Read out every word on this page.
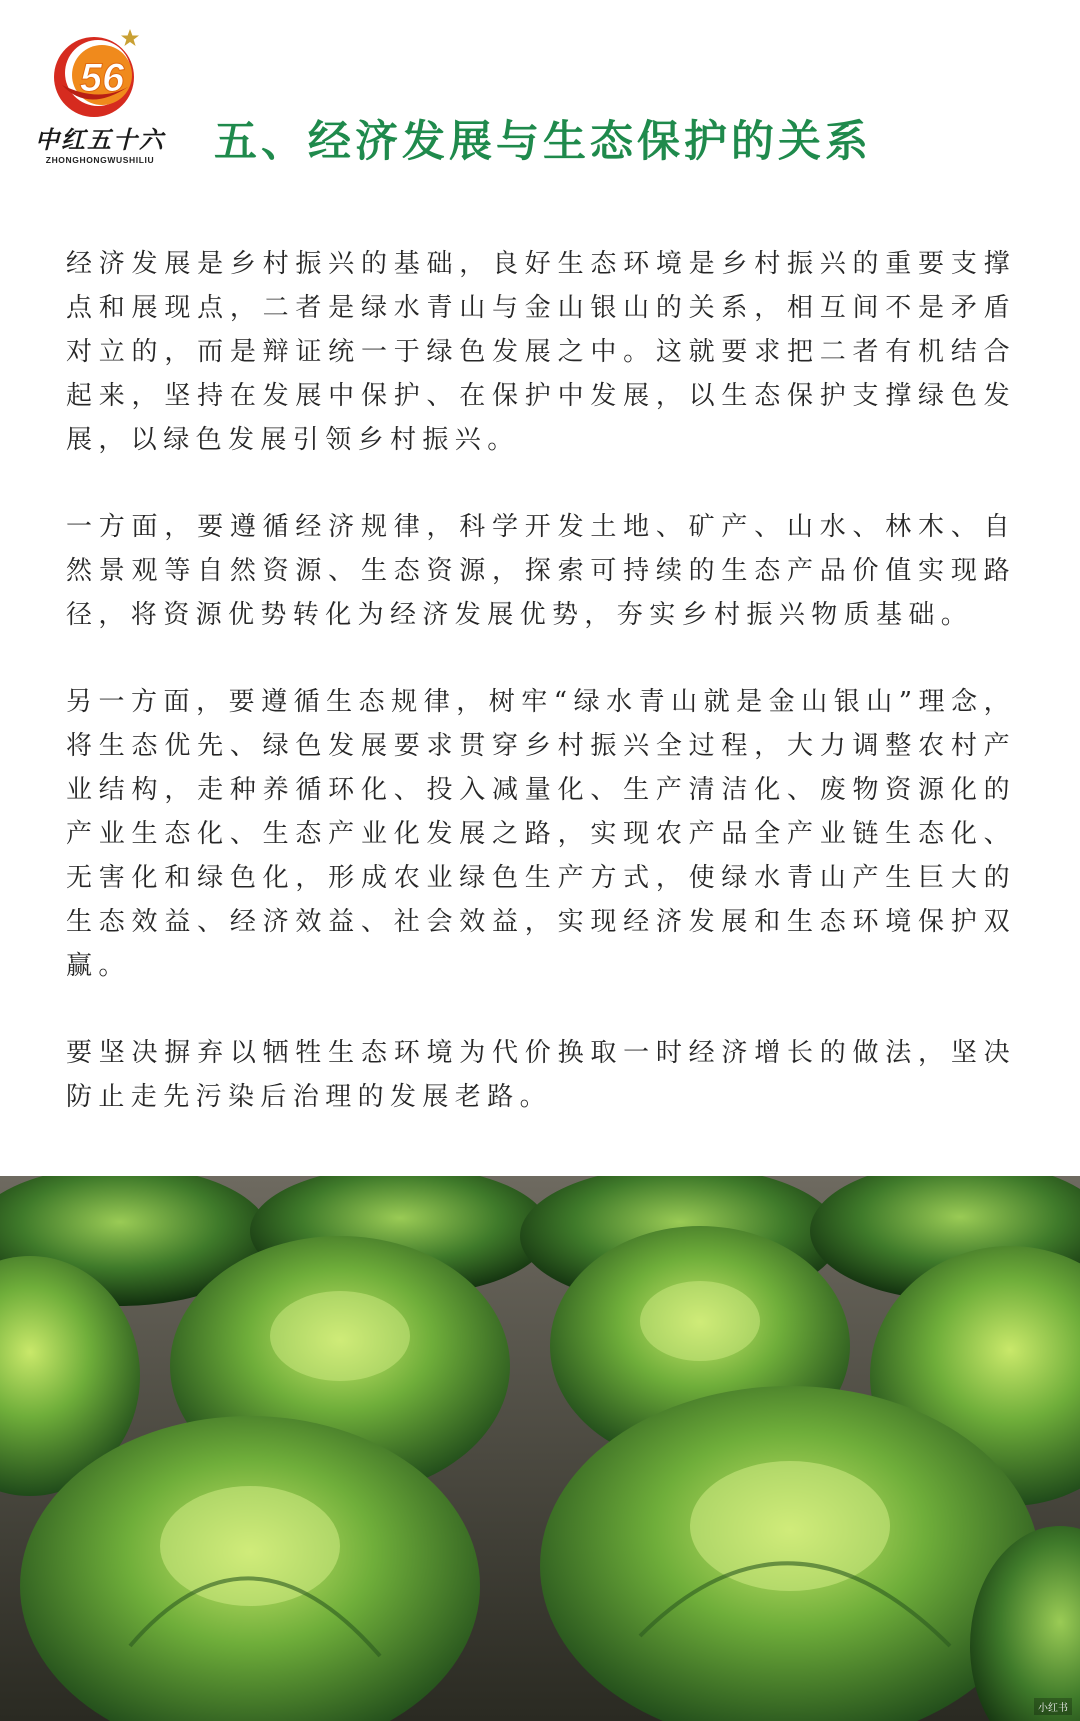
56
中红五十六
ZHONGHONGWUSHILIU	五、经济发展与生态保护的关系

经济发展是乡村振兴的基础，良好生态环境是乡村振兴的重要支撑点和展现点，二者是绿水青山与金山银山的关系，相互间不是矛盾对立的，而是辩证统一于绿色发展之中。这就要求把二者有机结合起来，坚持在发展中保护、在保护中发展，以生态保护支撑绿色发展，以绿色发展引领乡村振兴。

一方面，要遵循经济规律，科学开发土地、矿产、山水、林木、自然景观等自然资源、生态资源，探索可持续的生态产品价值实现路径，将资源优势转化为经济发展优势，夯实乡村振兴物质基础。

另一方面，要遵循生态规律，树牢“绿水青山就是金山银山”理念，将生态优先、绿色发展要求贯穿乡村振兴全过程，大力调整农村产业结构，走种养循环化、投入减量化、生产清洁化、废物资源化的产业生态化、生态产业化发展之路，实现农产品全产业链生态化、无害化和绿色化，形成农业绿色生产方式，使绿水青山产生巨大的生态效益、经济效益、社会效益，实现经济发展和生态环境保护双赢。

要坚决摒弃以牺牲生态环境为代价换取一时经济增长的做法，坚决防止走先污染后治理的发展老路。

小红书
